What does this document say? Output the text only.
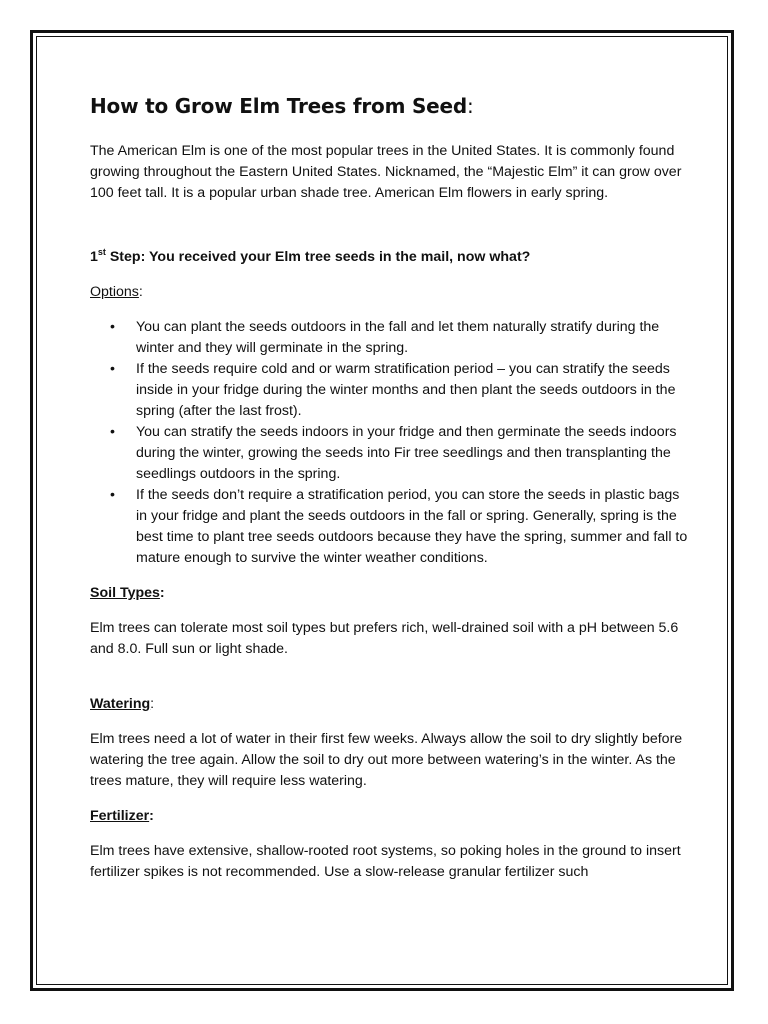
How to Grow Elm Trees from Seed:

The American Elm is one of the most popular trees in the United States. It is commonly found growing throughout the Eastern United States. Nicknamed, the “Majestic Elm” it can grow over 100 feet tall. It is a popular urban shade tree. American Elm flowers in early spring.

1st Step: You received your Elm tree seeds in the mail, now what?

Options:

• You can plant the seeds outdoors in the fall and let them naturally stratify during the winter and they will germinate in the spring.
• If the seeds require cold and or warm stratification period – you can stratify the seeds inside in your fridge during the winter months and then plant the seeds outdoors in the spring (after the last frost).
• You can stratify the seeds indoors in your fridge and then germinate the seeds indoors during the winter, growing the seeds into Fir tree seedlings and then transplanting the seedlings outdoors in the spring.
• If the seeds don’t require a stratification period, you can store the seeds in plastic bags in your fridge and plant the seeds outdoors in the fall or spring. Generally, spring is the best time to plant tree seeds outdoors because they have the spring, summer and fall to mature enough to survive the winter weather conditions.

Soil Types:

Elm trees can tolerate most soil types but prefers rich, well-drained soil with a pH between 5.6 and 8.0. Full sun or light shade.

Watering:

Elm trees need a lot of water in their first few weeks. Always allow the soil to dry slightly before watering the tree again. Allow the soil to dry out more between watering’s in the winter. As the trees mature, they will require less watering.

Fertilizer:

Elm trees have extensive, shallow-rooted root systems, so poking holes in the ground to insert fertilizer spikes is not recommended. Use a slow-release granular fertilizer such
